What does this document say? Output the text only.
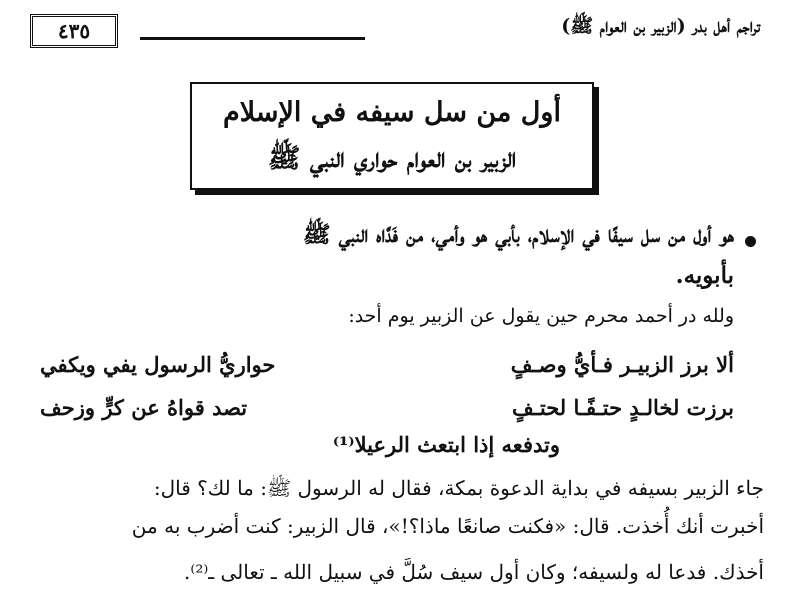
تراجم أهل بدر (الزبير بن العوام ﷺ)
٤٣٥
أول من سل سيفه في الإسلام
الزبير بن العوام حواري النبي ﷺ
هو أول من سل سيفًا في الإسلام، بأبي هو وأمي، من فَدَّاه النبي ﷺ
بأبويه.
ولله در أحمد محرم حين يقول عن الزبير يوم أحد:
ألا برز الزبيـر فـأيُّ وصـفٍ
حواريُّ الرسول يفي ويكفي
برزت لخالـدٍ حتـفًـا لحتـفٍ
تصد قواهُ عن كرٍّ وزحف
وتدفعه إذا ابتعث الرعيلا⁽¹⁾
جاء الزبير بسيفه في بداية الدعوة بمكة، فقال له الرسول ﷺ: ما لك؟ قال:
أخبرت أنك أُخذت. قال: «فكنت صانعًا ماذا؟!»، قال الزبير: كنت أضرب به من
أخذك. فدعا له ولسيفه؛ وكان أول سيف سُلَّ في سبيل الله ـ تعالى ـ⁽²⁾.
